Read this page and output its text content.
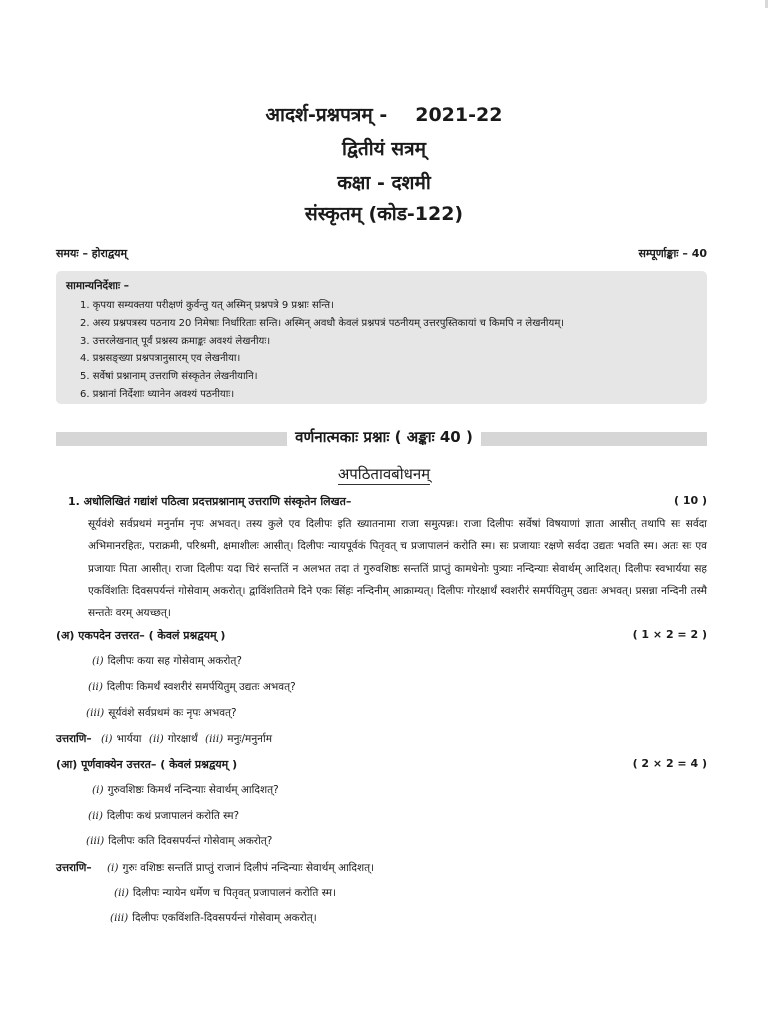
आदर्श-प्रश्नपत्रम् - 2021-22
द्वितीयं सत्रम्
कक्षा - दशमी
संस्कृतम् (कोड-122)
समयः – होराद्वयम्	सम्पूर्णाङ्काः – 40
सामान्यनिर्देशाः –
1. कृपया सम्यक्तया परीक्षणं कुर्वन्तु यत् अस्मिन् प्रश्नपत्रे 9 प्रश्नाः सन्ति।
2. अस्य प्रश्नपत्रस्य पठनाय 20 निमेषाः निर्धारिताः सन्ति। अस्मिन् अवधौ केवलं प्रश्नपत्रं पठनीयम् उत्तरपुस्तिकायां च किमपि न लेखनीयम्।
3. उत्तरलेखनात् पूर्वं प्रश्नस्य क्रमाङ्कः अवश्यं लेखनीयः।
4. प्रश्नसङ्ख्या प्रश्नपत्रानुसारम् एव लेखनीया।
5. सर्वेषां प्रश्नानाम् उत्तराणि संस्कृतेन लेखनीयानि।
6. प्रश्नानां निर्देशाः ध्यानेन अवश्यं पठनीयाः।
वर्णनात्मकाः प्रश्नाः ( अङ्काः 40 )
अपठितावबोधनम्
1. अधोलिखितं गद्यांशं पठित्वा प्रदत्तप्रश्नानाम् उत्तराणि संस्कृतेन लिखत–	( 10 )
सूर्यवंशे सर्वप्रथमं मनुर्नाम नृपः अभवत्। तस्य कुले एव दिलीपः इति ख्यातनामा राजा समुत्पन्नः। राजा दिलीपः सर्वेषां विषयाणां ज्ञाता आसीत् तथापि सः सर्वदा अभिमानरहितः, पराक्रमी, परिश्रमी, क्षमाशीलः आसीत्। दिलीपः न्यायपूर्वकं पितृवत् च प्रजापालनं करोति स्म। सः प्रजायाः रक्षणे सर्वदा उद्यतः भवति स्म। अतः सः एव प्रजायाः पिता आसीत्। राजा दिलीपः यदा चिरं सन्ततिं न अलभत तदा तं गुरुवशिष्ठः सन्ततिं प्राप्तुं कामधेनोः पुत्र्याः नन्दिन्याः सेवार्थम् आदिशत्। दिलीपः स्वभार्यया सह एकविंशतिः दिवसपर्यन्तं गोसेवाम् अकरोत्। द्वाविंशतितमे दिने एकः सिंहः नन्दिनीम् आक्राम्यत्। दिलीपः गोरक्षार्थं स्वशरीरं समर्पयितुम् उद्यतः अभवत्। प्रसन्ना नन्दिनी तस्मै सन्ततेः वरम् अयच्छत्।
(अ) एकपदेन उत्तरत– ( केवलं प्रश्नद्वयम् )	( 1 × 2 = 2 )
(i) दिलीपः कया सह गोसेवाम् अकरोत्?
(ii) दिलीपः किमर्थं स्वशरीरं समर्पयितुम् उद्यतः अभवत्?
(iii) सूर्यवंशे सर्वप्रथमं कः नृपः अभवत्?
उत्तराणि– (i) भार्यया (ii) गोरक्षार्थं (iii) मनुः/मनुर्नाम
(आ) पूर्णवाक्येन उत्तरत– ( केवलं प्रश्नद्वयम् )	( 2 × 2 = 4 )
(i) गुरुवशिष्ठः किमर्थं नन्दिन्याः सेवार्थम् आदिशत्?
(ii) दिलीपः कथं प्रजापालनं करोति स्म?
(iii) दिलीपः कति दिवसपर्यन्तं गोसेवाम् अकरोत्?
उत्तराणि– (i) गुरुः वशिष्ठः सन्ततिं प्राप्तुं राजानं दिलीपं नन्दिन्याः सेवार्थम् आदिशत्।
(ii) दिलीपः न्यायेन धर्मेण च पितृवत् प्रजापालनं करोति स्म।
(iii) दिलीपः एकविंशति-दिवसपर्यन्तं गोसेवाम् अकरोत्।
